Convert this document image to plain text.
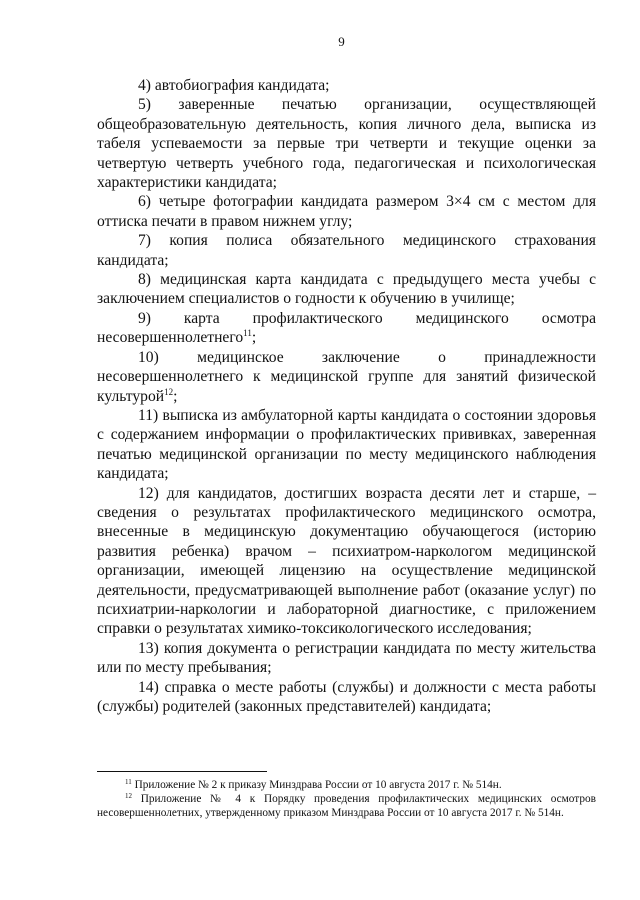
9

4) автобиография кандидата;

5) заверенные печатью организации, осуществляющей общеобразовательную деятельность, копия личного дела, выписка из табеля успеваемости за первые три четверти и текущие оценки за четвертую четверть учебного года, педагогическая и психологическая характеристики кандидата;

6) четыре фотографии кандидата размером 3×4 см с местом для оттиска печати в правом нижнем углу;

7) копия полиса обязательного медицинского страхования кандидата;

8) медицинская карта кандидата с предыдущего места учебы с заключением специалистов о годности к обучению в училище;

9) карта профилактического медицинского осмотра несовершеннолетнего$^{11}$;

10) медицинское заключение о принадлежности несовершеннолетнего к медицинской группе для занятий физической культурой$^{12}$;

11) выписка из амбулаторной карты кандидата о состоянии здоровья с содержанием информации о профилактических прививках, заверенная печатью медицинской организации по месту медицинского наблюдения кандидата;

12) для кандидатов, достигших возраста десяти лет и старше, – сведения о результатах профилактического медицинского осмотра, внесенные в медицинскую документацию обучающегося (историю развития ребенка) врачом – психиатром-наркологом медицинской организации, имеющей лицензию на осуществление медицинской деятельности, предусматривающей выполнение работ (оказание услуг) по психиатрии-наркологии и лабораторной диагностике, с приложением справки о результатах химико-токсикологического исследования;

13) копия документа о регистрации кандидата по месту жительства или по месту пребывания;

14) справка о месте работы (службы) и должности с места работы (службы) родителей (законных представителей) кандидата;

$^{11}$ Приложение № 2 к приказу Минздрава России от 10 августа 2017 г. № 514н.

$^{12}$ Приложение № 4 к Порядку проведения профилактических медицинских осмотров несовершеннолетних, утвержденному приказом Минздрава России от 10 августа 2017 г. № 514н.
